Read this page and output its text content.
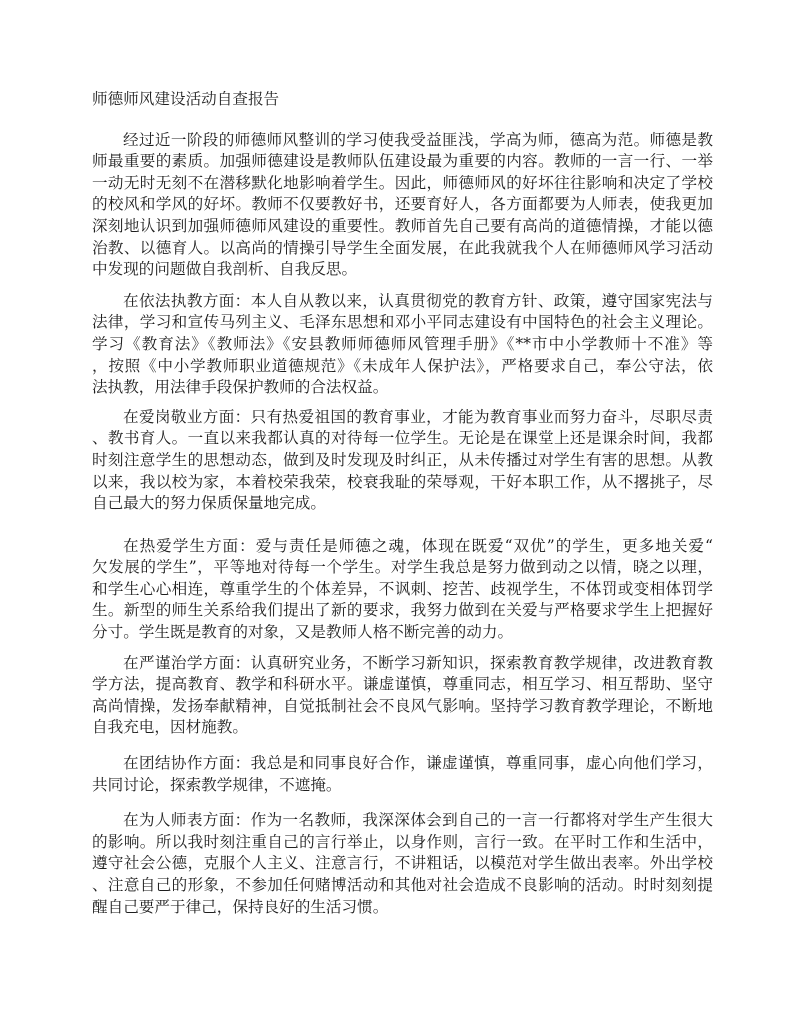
师德师风建设活动自查报告
经过近一阶段的师德师风整训的学习使我受益匪浅，学高为师，德高为范。师德是教
师最重要的素质。加强师德建设是教师队伍建设最为重要的内容。教师的一言一行、一举
一动无时无刻不在潜移默化地影响着学生。因此，师德师风的好坏往往影响和决定了学校
的校风和学风的好坏。教师不仅要教好书，还要育好人，各方面都要为人师表，使我更加
深刻地认识到加强师德师风建设的重要性。教师首先自己要有高尚的道德情操，才能以德
治教、以德育人。以高尚的情操引导学生全面发展，在此我就我个人在师德师风学习活动
中发现的问题做自我剖析、自我反思。
在依法执教方面：本人自从教以来，认真贯彻党的教育方针、政策，遵守国家宪法与
法律，学习和宣传马列主义、毛泽东思想和邓小平同志建设有中国特色的社会主义理论。
学习《教育法》《教师法》《安县教师师德师风管理手册》《**市中小学教师十不准》等
，按照《中小学教师职业道德规范》《未成年人保护法》，严格要求自己，奉公守法，依
法执教，用法律手段保护教师的合法权益。
在爱岗敬业方面：只有热爱祖国的教育事业，才能为教育事业而努力奋斗，尽职尽责
、教书育人。一直以来我都认真的对待每一位学生。无论是在课堂上还是课余时间，我都
时刻注意学生的思想动态，做到及时发现及时纠正，从未传播过对学生有害的思想。从教
以来，我以校为家，本着校荣我荣，校衰我耻的荣辱观，干好本职工作，从不撂挑子，尽
自己最大的努力保质保量地完成。
在热爱学生方面：爱与责任是师德之魂，体现在既爱“双优”的学生，更多地关爱“
欠发展的学生”，平等地对待每一个学生。对学生我总是努力做到动之以情，晓之以理，
和学生心心相连，尊重学生的个体差异，不讽刺、挖苦、歧视学生，不体罚或变相体罚学
生。新型的师生关系给我们提出了新的要求，我努力做到在关爱与严格要求学生上把握好
分寸。学生既是教育的对象，又是教师人格不断完善的动力。
在严谨治学方面：认真研究业务，不断学习新知识，探索教育教学规律，改进教育教
学方法，提高教育、教学和科研水平。谦虚谨慎，尊重同志，相互学习、相互帮助、坚守
高尚情操，发扬奉献精神，自觉抵制社会不良风气影响。坚持学习教育教学理论，不断地
自我充电，因材施教。
在团结协作方面：我总是和同事良好合作，谦虚谨慎，尊重同事，虚心向他们学习，
共同讨论，探索教学规律，不遮掩。
在为人师表方面：作为一名教师，我深深体会到自己的一言一行都将对学生产生很大
的影响。所以我时刻注重自己的言行举止，以身作则，言行一致。在平时工作和生活中，
遵守社会公德，克服个人主义、注意言行，不讲粗话，以模范对学生做出表率。外出学校
、注意自己的形象，不参加任何赌博活动和其他对社会造成不良影响的活动。时时刻刻提
醒自己要严于律己，保持良好的生活习惯。
